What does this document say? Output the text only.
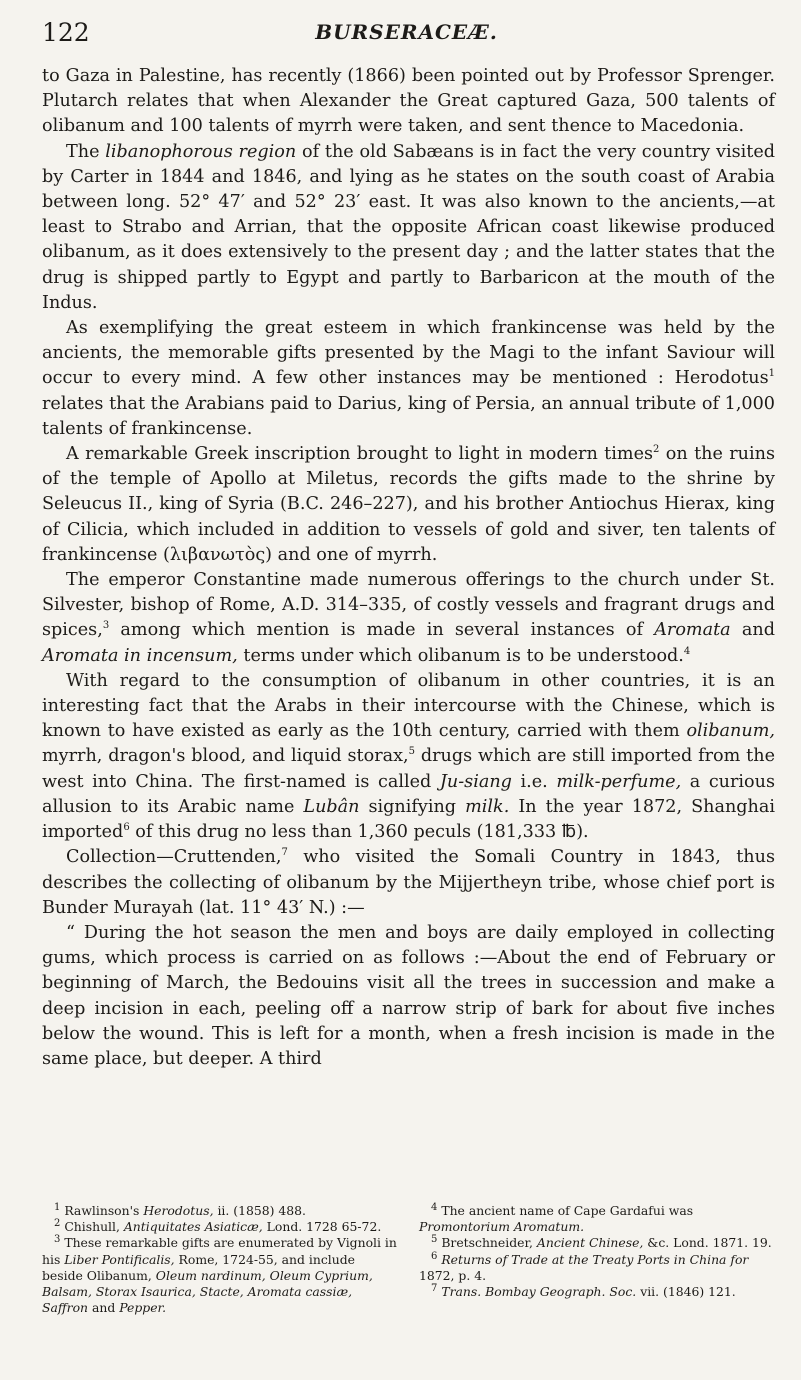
122	BURSERACEÆ.

to Gaza in Palestine, has recently (1866) been pointed out by Professor Sprenger. Plutarch relates that when Alexander the Great captured Gaza, 500 talents of olibanum and 100 talents of myrrh were taken, and sent thence to Macedonia.

The libanophorous region of the old Sabæans is in fact the very country visited by Carter in 1844 and 1846, and lying as he states on the south coast of Arabia between long. 52° 47′ and 52° 23′ east. It was also known to the ancients,—at least to Strabo and Arrian, that the opposite African coast likewise produced olibanum, as it does extensively to the present day ; and the latter states that the drug is shipped partly to Egypt and partly to Barbaricon at the mouth of the Indus.

As exemplifying the great esteem in which frankincense was held by the ancients, the memorable gifts presented by the Magi to the infant Saviour will occur to every mind. A few other instances may be mentioned : Herodotus$^1$ relates that the Arabians paid to Darius, king of Persia, an annual tribute of 1,000 talents of frankincense.

A remarkable Greek inscription brought to light in modern times$^2$ on the ruins of the temple of Apollo at Miletus, records the gifts made to the shrine by Seleucus II., king of Syria (B.C. 246–227), and his brother Antiochus Hierax, king of Cilicia, which included in addition to vessels of gold and siver, ten talents of frankincense (λιβανωτὸς) and one of myrrh.

The emperor Constantine made numerous offerings to the church under St. Silvester, bishop of Rome, A.D. 314–335, of costly vessels and fragrant drugs and spices,$^3$ among which mention is made in several instances of Aromata and Aromata in incensum, terms under which olibanum is to be understood.$^4$

With regard to the consumption of olibanum in other countries, it is an interesting fact that the Arabs in their intercourse with the Chinese, which is known to have existed as early as the 10th century, carried with them olibanum, myrrh, dragon's blood, and liquid storax,$^5$ drugs which are still imported from the west into China. The first-named is called Ju-siang i.e. milk-perfume, a curious allusion to its Arabic name Lubân signifying milk. In the year 1872, Shanghai imported$^6$ of this drug no less than 1,360 peculs (181,333 ℔).

Collection—Cruttenden,$^7$ who visited the Somali Country in 1843, thus describes the collecting of olibanum by the Mijjertheyn tribe, whose chief port is Bunder Murayah (lat. 11° 43′ N.) :—

“ During the hot season the men and boys are daily employed in collecting gums, which process is carried on as follows :—About the end of February or beginning of March, the Bedouins visit all the trees in succession and make a deep incision in each, peeling off a narrow strip of bark for about five inches below the wound. This is left for a month, when a fresh incision is made in the same place, but deeper. A third

$^1$ Rawlinson's Herodotus, ii. (1858) 488.

$^2$ Chishull, Antiquitates Asiaticæ, Lond. 1728 65-72.

$^3$ These remarkable gifts are enumerated by Vignoli in his Liber Pontificalis, Rome, 1724-55, and include beside Olibanum, Oleum nardinum, Oleum Cyprium, Balsam, Storax Isaurica, Stacte, Aromata cassiæ, Saffron and Pepper.

$^4$ The ancient name of Cape Gardafui was Promontorium Aromatum.

$^5$ Bretschneider, Ancient Chinese, &c. Lond. 1871. 19.

$^6$ Returns of Trade at the Treaty Ports in China for 1872, p. 4.

$^7$ Trans. Bombay Geograph. Soc. vii. (1846) 121.
